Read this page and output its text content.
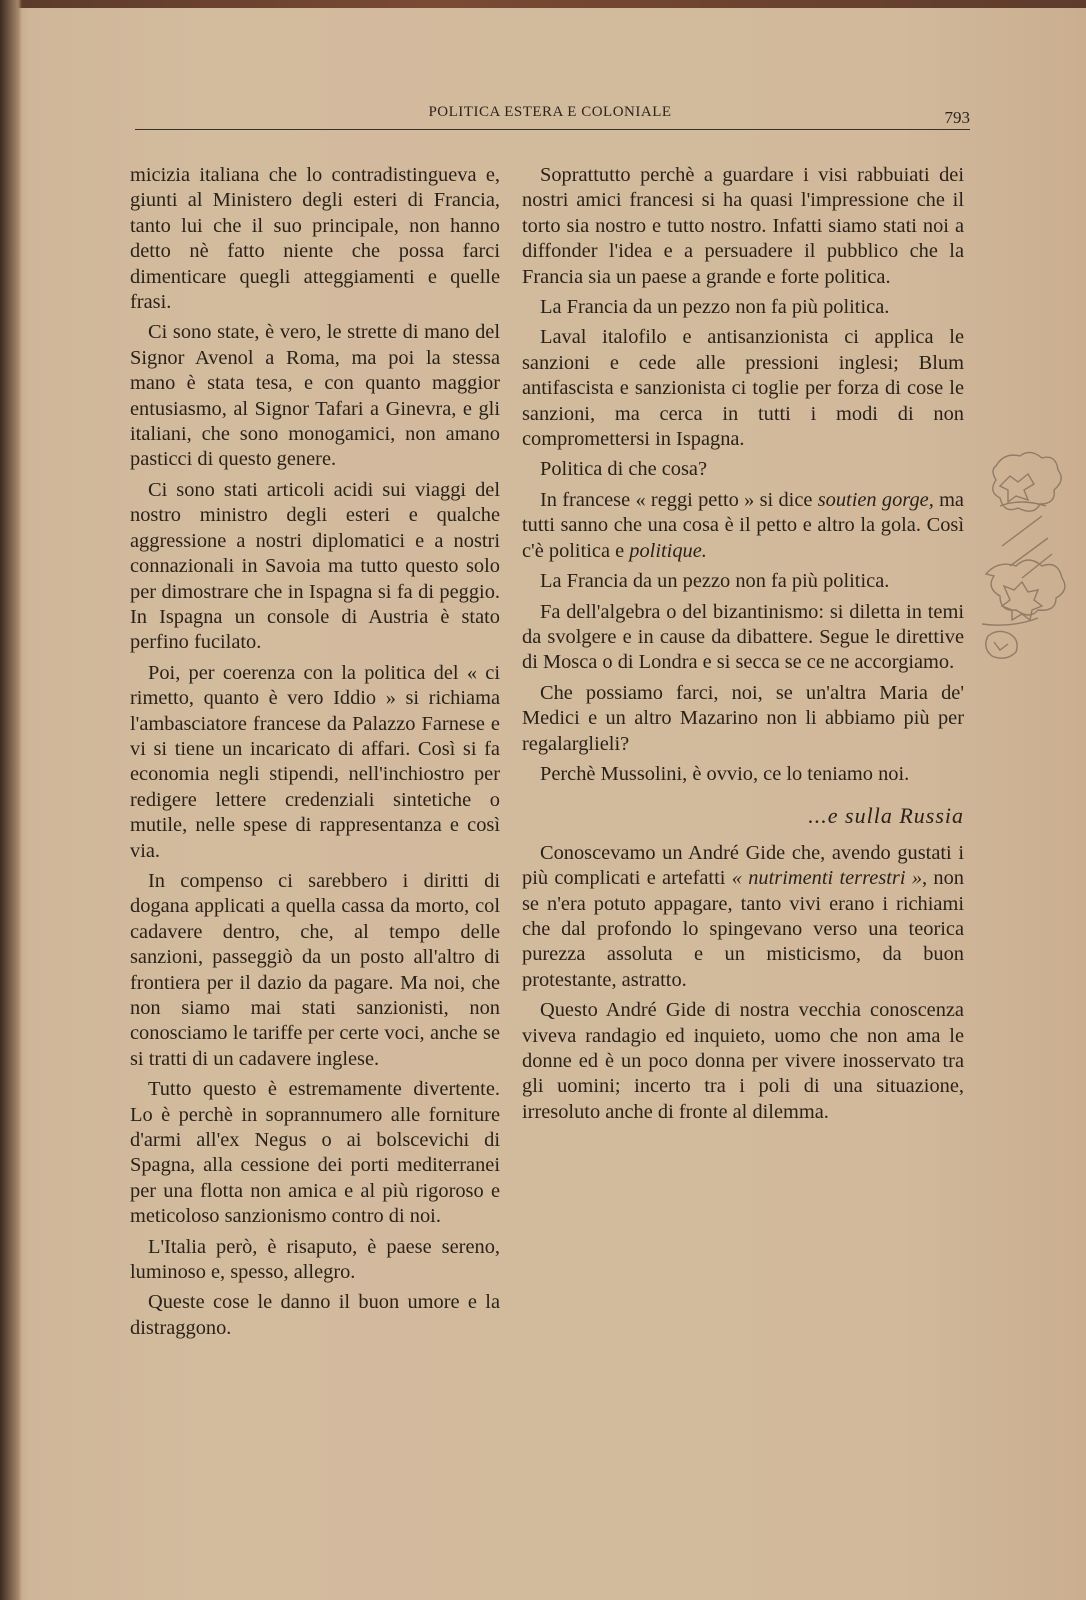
POLITICA ESTERA E COLONIALE	793

micizia italiana che lo contradistingueva e, giunti al Ministero degli esteri di Francia, tanto lui che il suo principale, non hanno detto nè fatto niente che possa farci dimenticare quegli atteggiamenti e quelle frasi.

Ci sono state, è vero, le strette di mano del Signor Avenol a Roma, ma poi la stessa mano è stata tesa, e con quanto maggior entusiasmo, al Signor Tafari a Ginevra, e gli italiani, che sono monogamici, non amano pasticci di questo genere.

Ci sono stati articoli acidi sui viaggi del nostro ministro degli esteri e qualche aggressione a nostri diplomatici e a nostri connazionali in Savoia ma tutto questo solo per dimostrare che in Ispagna si fa di peggio. In Ispagna un console di Austria è stato perfino fucilato.

Poi, per coerenza con la politica del « ci rimetto, quanto è vero Iddio » si richiama l'ambasciatore francese da Palazzo Farnese e vi si tiene un incaricato di affari. Così si fa economia negli stipendi, nell'inchiostro per redigere lettere credenziali sintetiche o mutile, nelle spese di rappresentanza e così via.

In compenso ci sarebbero i diritti di dogana applicati a quella cassa da morto, col cadavere dentro, che, al tempo delle sanzioni, passeggiò da un posto all'altro di frontiera per il dazio da pagare. Ma noi, che non siamo mai stati sanzionisti, non conosciamo le tariffe per certe voci, anche se si tratti di un cadavere inglese.

Tutto questo è estremamente divertente. Lo è perchè in soprannumero alle forniture d'armi all'ex Negus o ai bolscevichi di Spagna, alla cessione dei porti mediterranei per una flotta non amica e al più rigoroso e meticoloso sanzionismo contro di noi.

L'Italia però, è risaputo, è paese sereno, luminoso e, spesso, allegro.

Queste cose le danno il buon umore e la distraggono.

Soprattutto perchè a guardare i visi rabbuiati dei nostri amici francesi si ha quasi l'impressione che il torto sia nostro e tutto nostro. Infatti siamo stati noi a diffonder l'idea e a persuadere il pubblico che la Francia sia un paese a grande e forte politica.

La Francia da un pezzo non fa più politica.

Laval italofilo e antisanzionista ci applica le sanzioni e cede alle pressioni inglesi; Blum antifascista e sanzionista ci toglie per forza di cose le sanzioni, ma cerca in tutti i modi di non compromettersi in Ispagna.

Politica di che cosa?

In francese « reggi petto » si dice soutien gorge, ma tutti sanno che una cosa è il petto e altro la gola. Così c'è politica e politique.

La Francia da un pezzo non fa più politica.

Fa dell'algebra o del bizantinismo: si diletta in temi da svolgere e in cause da dibattere. Segue le direttive di Mosca o di Londra e si secca se ce ne accorgiamo.

Che possiamo farci, noi, se un'altra Maria de' Medici e un altro Mazarino non li abbiamo più per regalarglieli?

Perchè Mussolini, è ovvio, ce lo teniamo noi.

...e sulla Russia

Conoscevamo un André Gide che, avendo gustati i più complicati e artefatti « nutrimenti terrestri », non se n'era potuto appagare, tanto vivi erano i richiami che dal profondo lo spingevano verso una teorica purezza assoluta e un misticismo, da buon protestante, astratto.

Questo André Gide di nostra vecchia conoscenza viveva randagio ed inquieto, uomo che non ama le donne ed è un poco donna per vivere inosservato tra gli uomini; incerto tra i poli di una situazione, irresoluto anche di fronte al dilemma.
